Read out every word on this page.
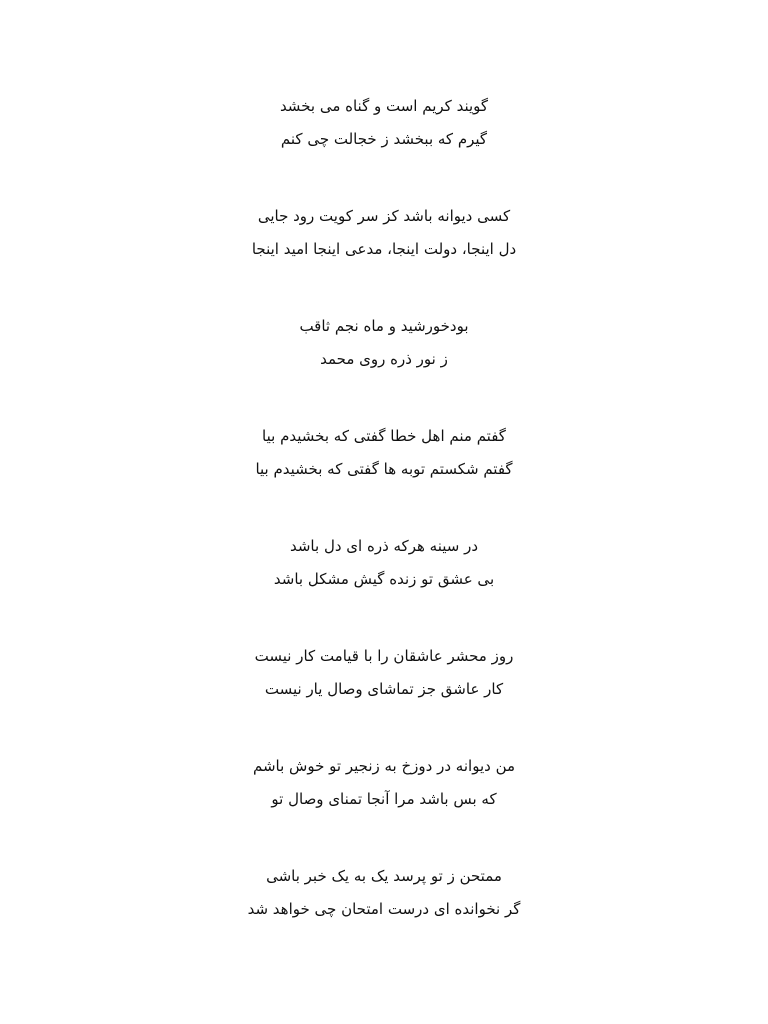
گویند کریم است و گناه می بخشد
گیرم که ببخشد ز خجالت چی کنم
کسی دیوانه باشد کز سر کویت رود جایی
دل اینجا، دولت اینجا، مدعی اینجا امید اینجا
بودخورشید و ماه نجم ثاقب
ز نور ذره روی محمد
گفتم منم اهل خطا گفتی که بخشیدم بیا
گفتم شکستم توبه ها گفتی که بخشیدم بیا
در سینه هرکه ذره ای دل باشد
بی عشق تو زنده گیش مشکل باشد
روز محشر عاشقان را با قیامت کار نیست
کار عاشق جز تماشای وصال یار نیست
من دیوانه در دوزخ به زنجیر تو خوش باشم
که بس باشد مرا آنجا تمنای وصال تو
ممتحن ز تو پرسد یک به یک خبر باشی
گر نخوانده ای درست امتحان چی خواهد شد
